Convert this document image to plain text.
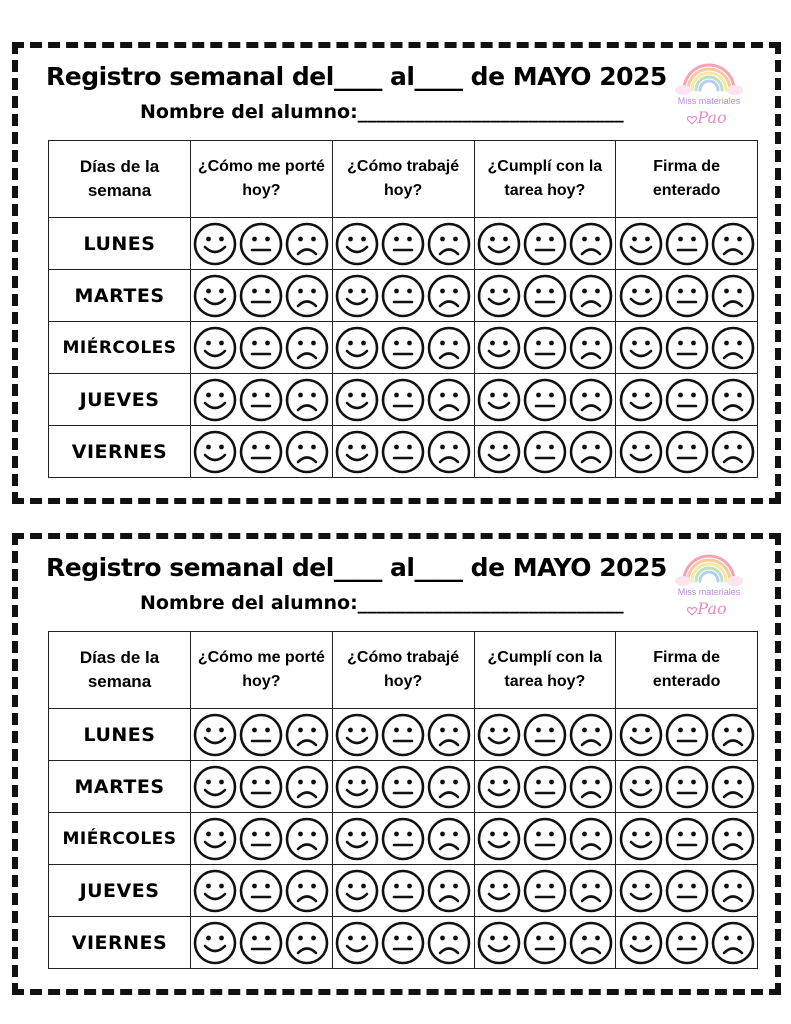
Registro semanal del____ al____ de MAYO 2025
Nombre del alumno:____________________________	Miss materiales
Pao
Días de la semana	¿Cómo me porté hoy?	¿Cómo trabajé hoy?	¿Cumplí con la tarea hoy?	Firma de enterado
LUNES	

MARTES	

MIÉRCOLES	

JUEVES	

VIERNES	

Registro semanal del____ al____ de MAYO 2025
Nombre del alumno:____________________________	Miss materiales
Pao
Días de la semana	¿Cómo me porté hoy?	¿Cómo trabajé hoy?	¿Cumplí con la tarea hoy?	Firma de enterado
LUNES	

MARTES	

MIÉRCOLES	

JUEVES	

VIERNES	
